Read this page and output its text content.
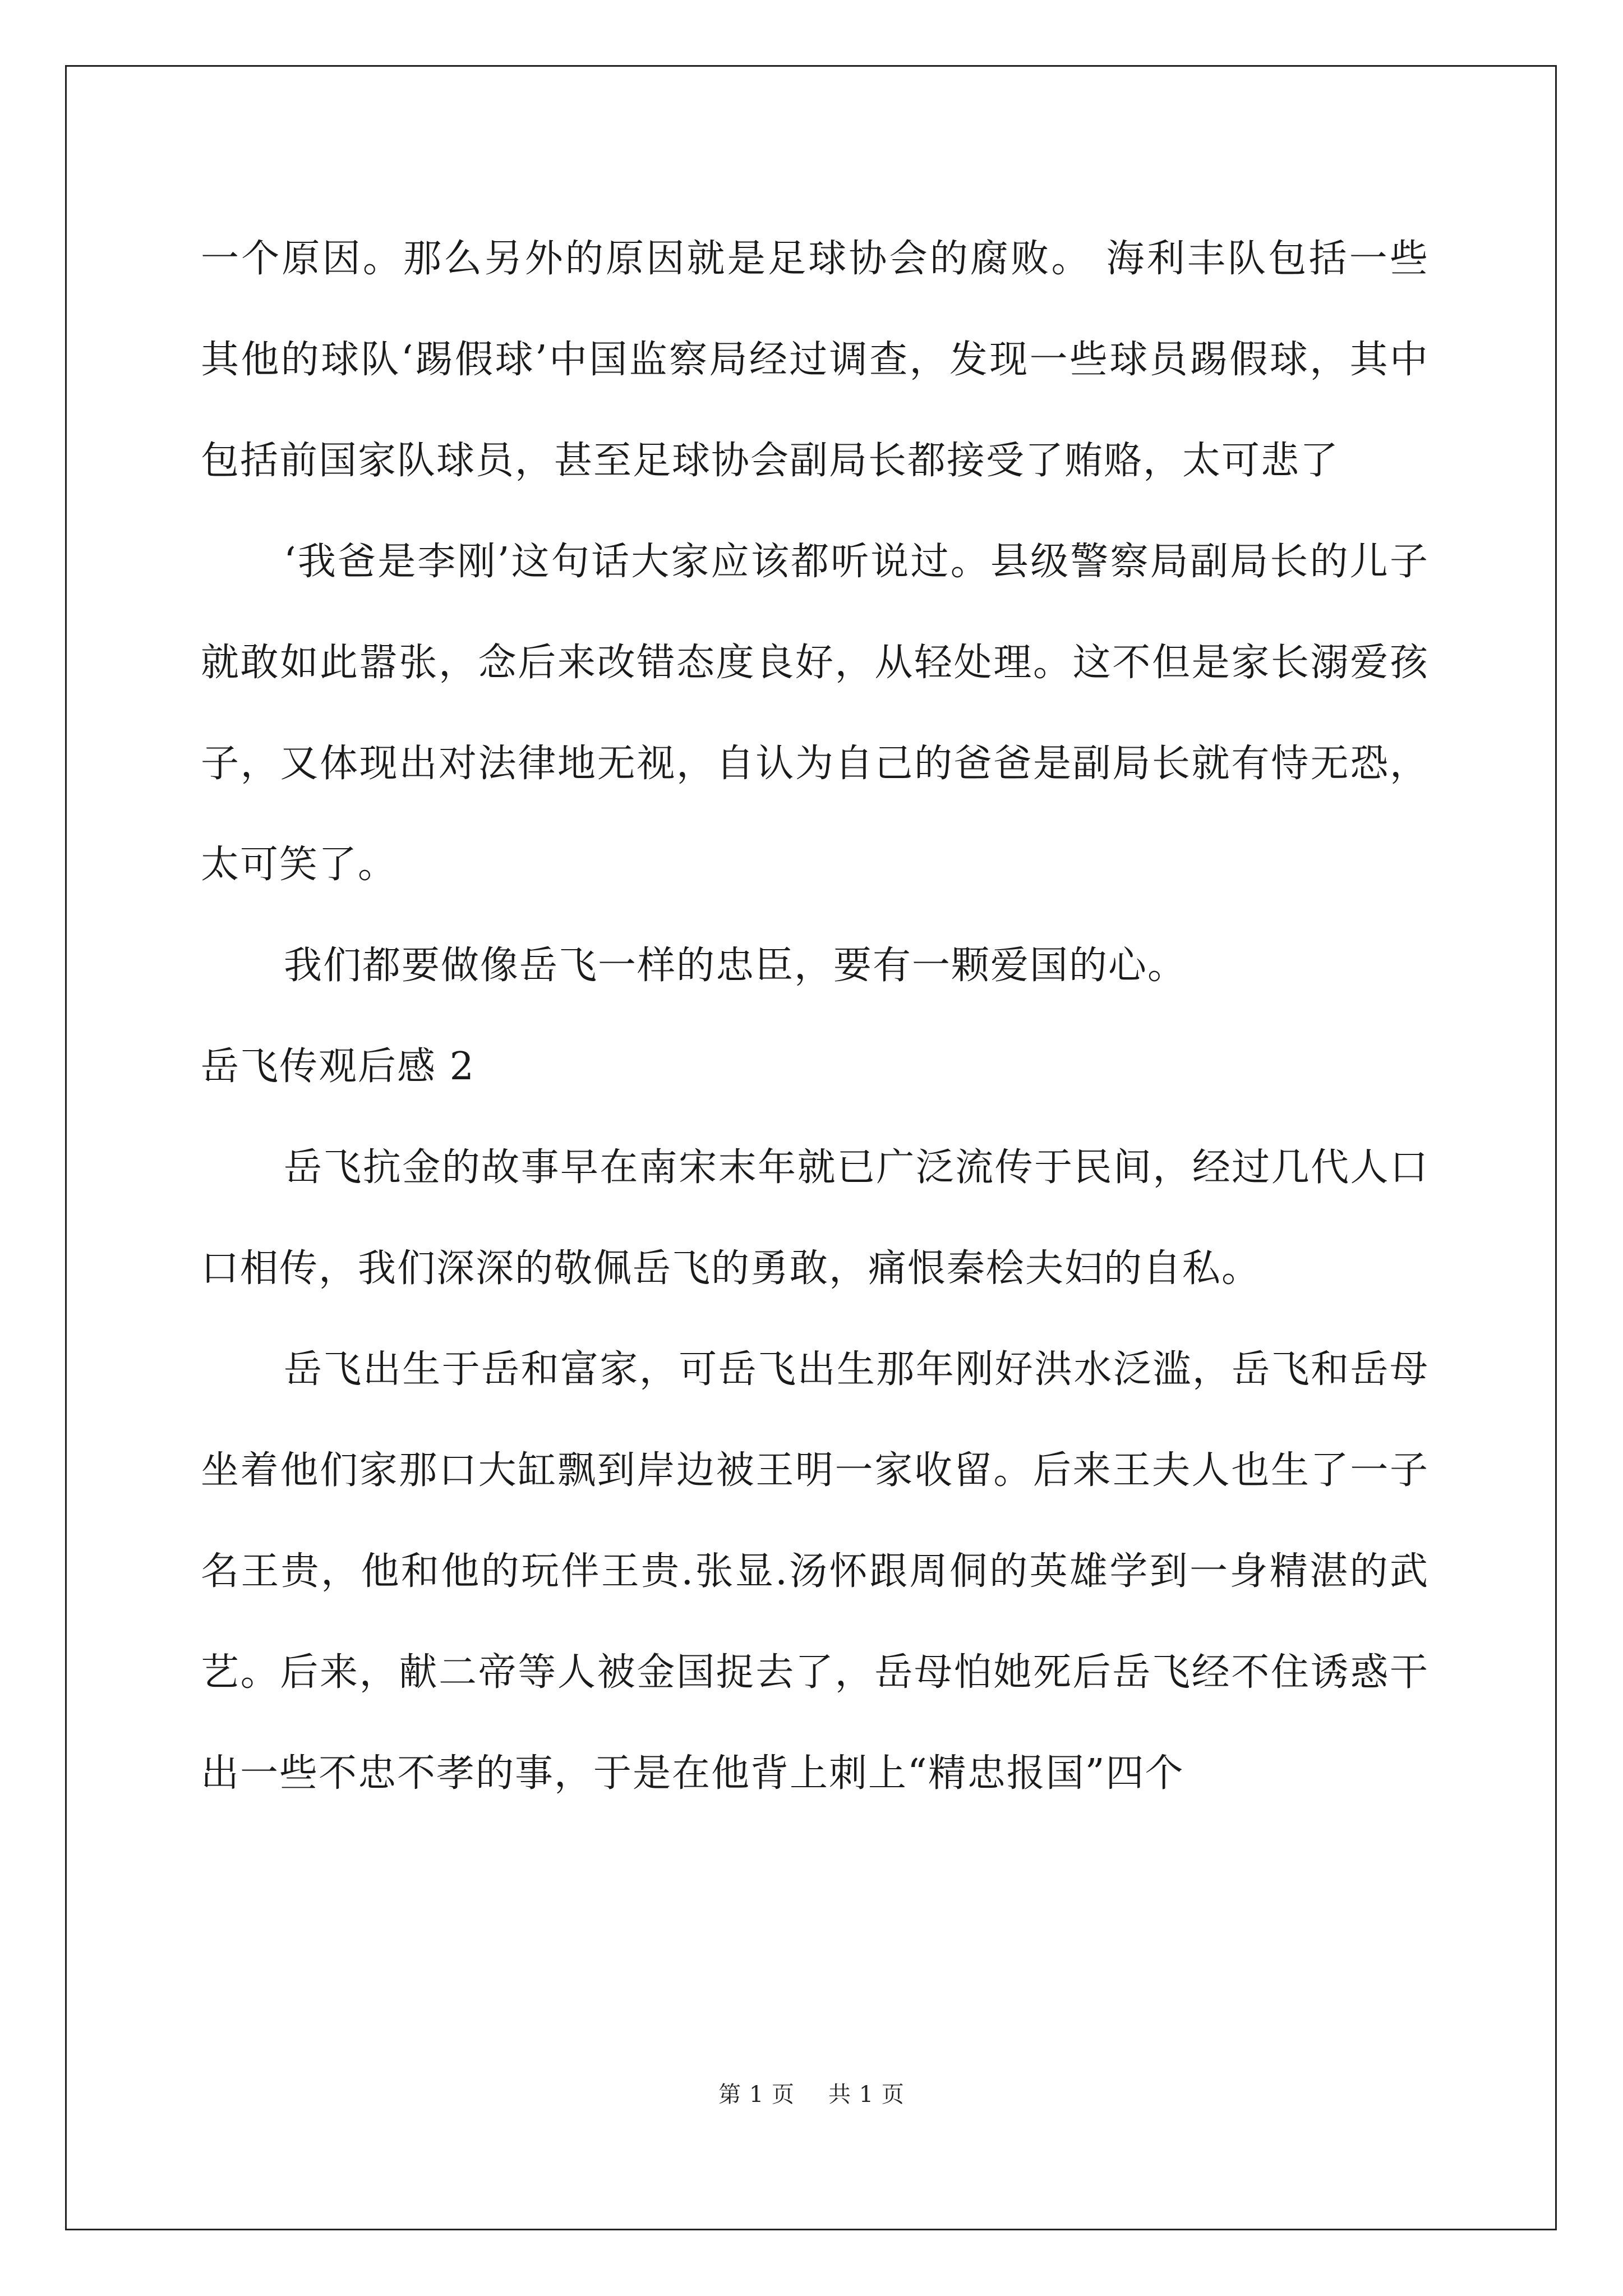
一个原因。那么另外的原因就是足球协会的腐败。 海利丰队包括一些其他的球队‘踢假球’中国监察局经过调查，发现一些球员踢假球，其中包括前国家队球员，甚至足球协会副局长都接受了贿赂，太可悲了

‘我爸是李刚’这句话大家应该都听说过。县级警察局副局长的儿子就敢如此嚣张，念后来改错态度良好，从轻处理。这不但是家长溺爱孩子，又体现出对法律地无视，自认为自己的爸爸是副局长就有恃无恐，太可笑了。

我们都要做像岳飞一样的忠臣，要有一颗爱国的心。

岳飞传观后感 2

岳飞抗金的故事早在南宋末年就已广泛流传于民间，经过几代人口口相传，我们深深的敬佩岳飞的勇敢，痛恨秦桧夫妇的自私。

岳飞出生于岳和富家，可岳飞出生那年刚好洪水泛滥，岳飞和岳母坐着他们家那口大缸飘到岸边被王明一家收留。后来王夫人也生了一子名王贵，他和他的玩伴王贵.张显.汤怀跟周侗的英雄学到一身精湛的武艺。后来，献二帝等人被金国捉去了，岳母怕她死后岳飞经不住诱惑干出一些不忠不孝的事，于是在他背上刺上“精忠报国”四个

第 1 页 共 1 页
